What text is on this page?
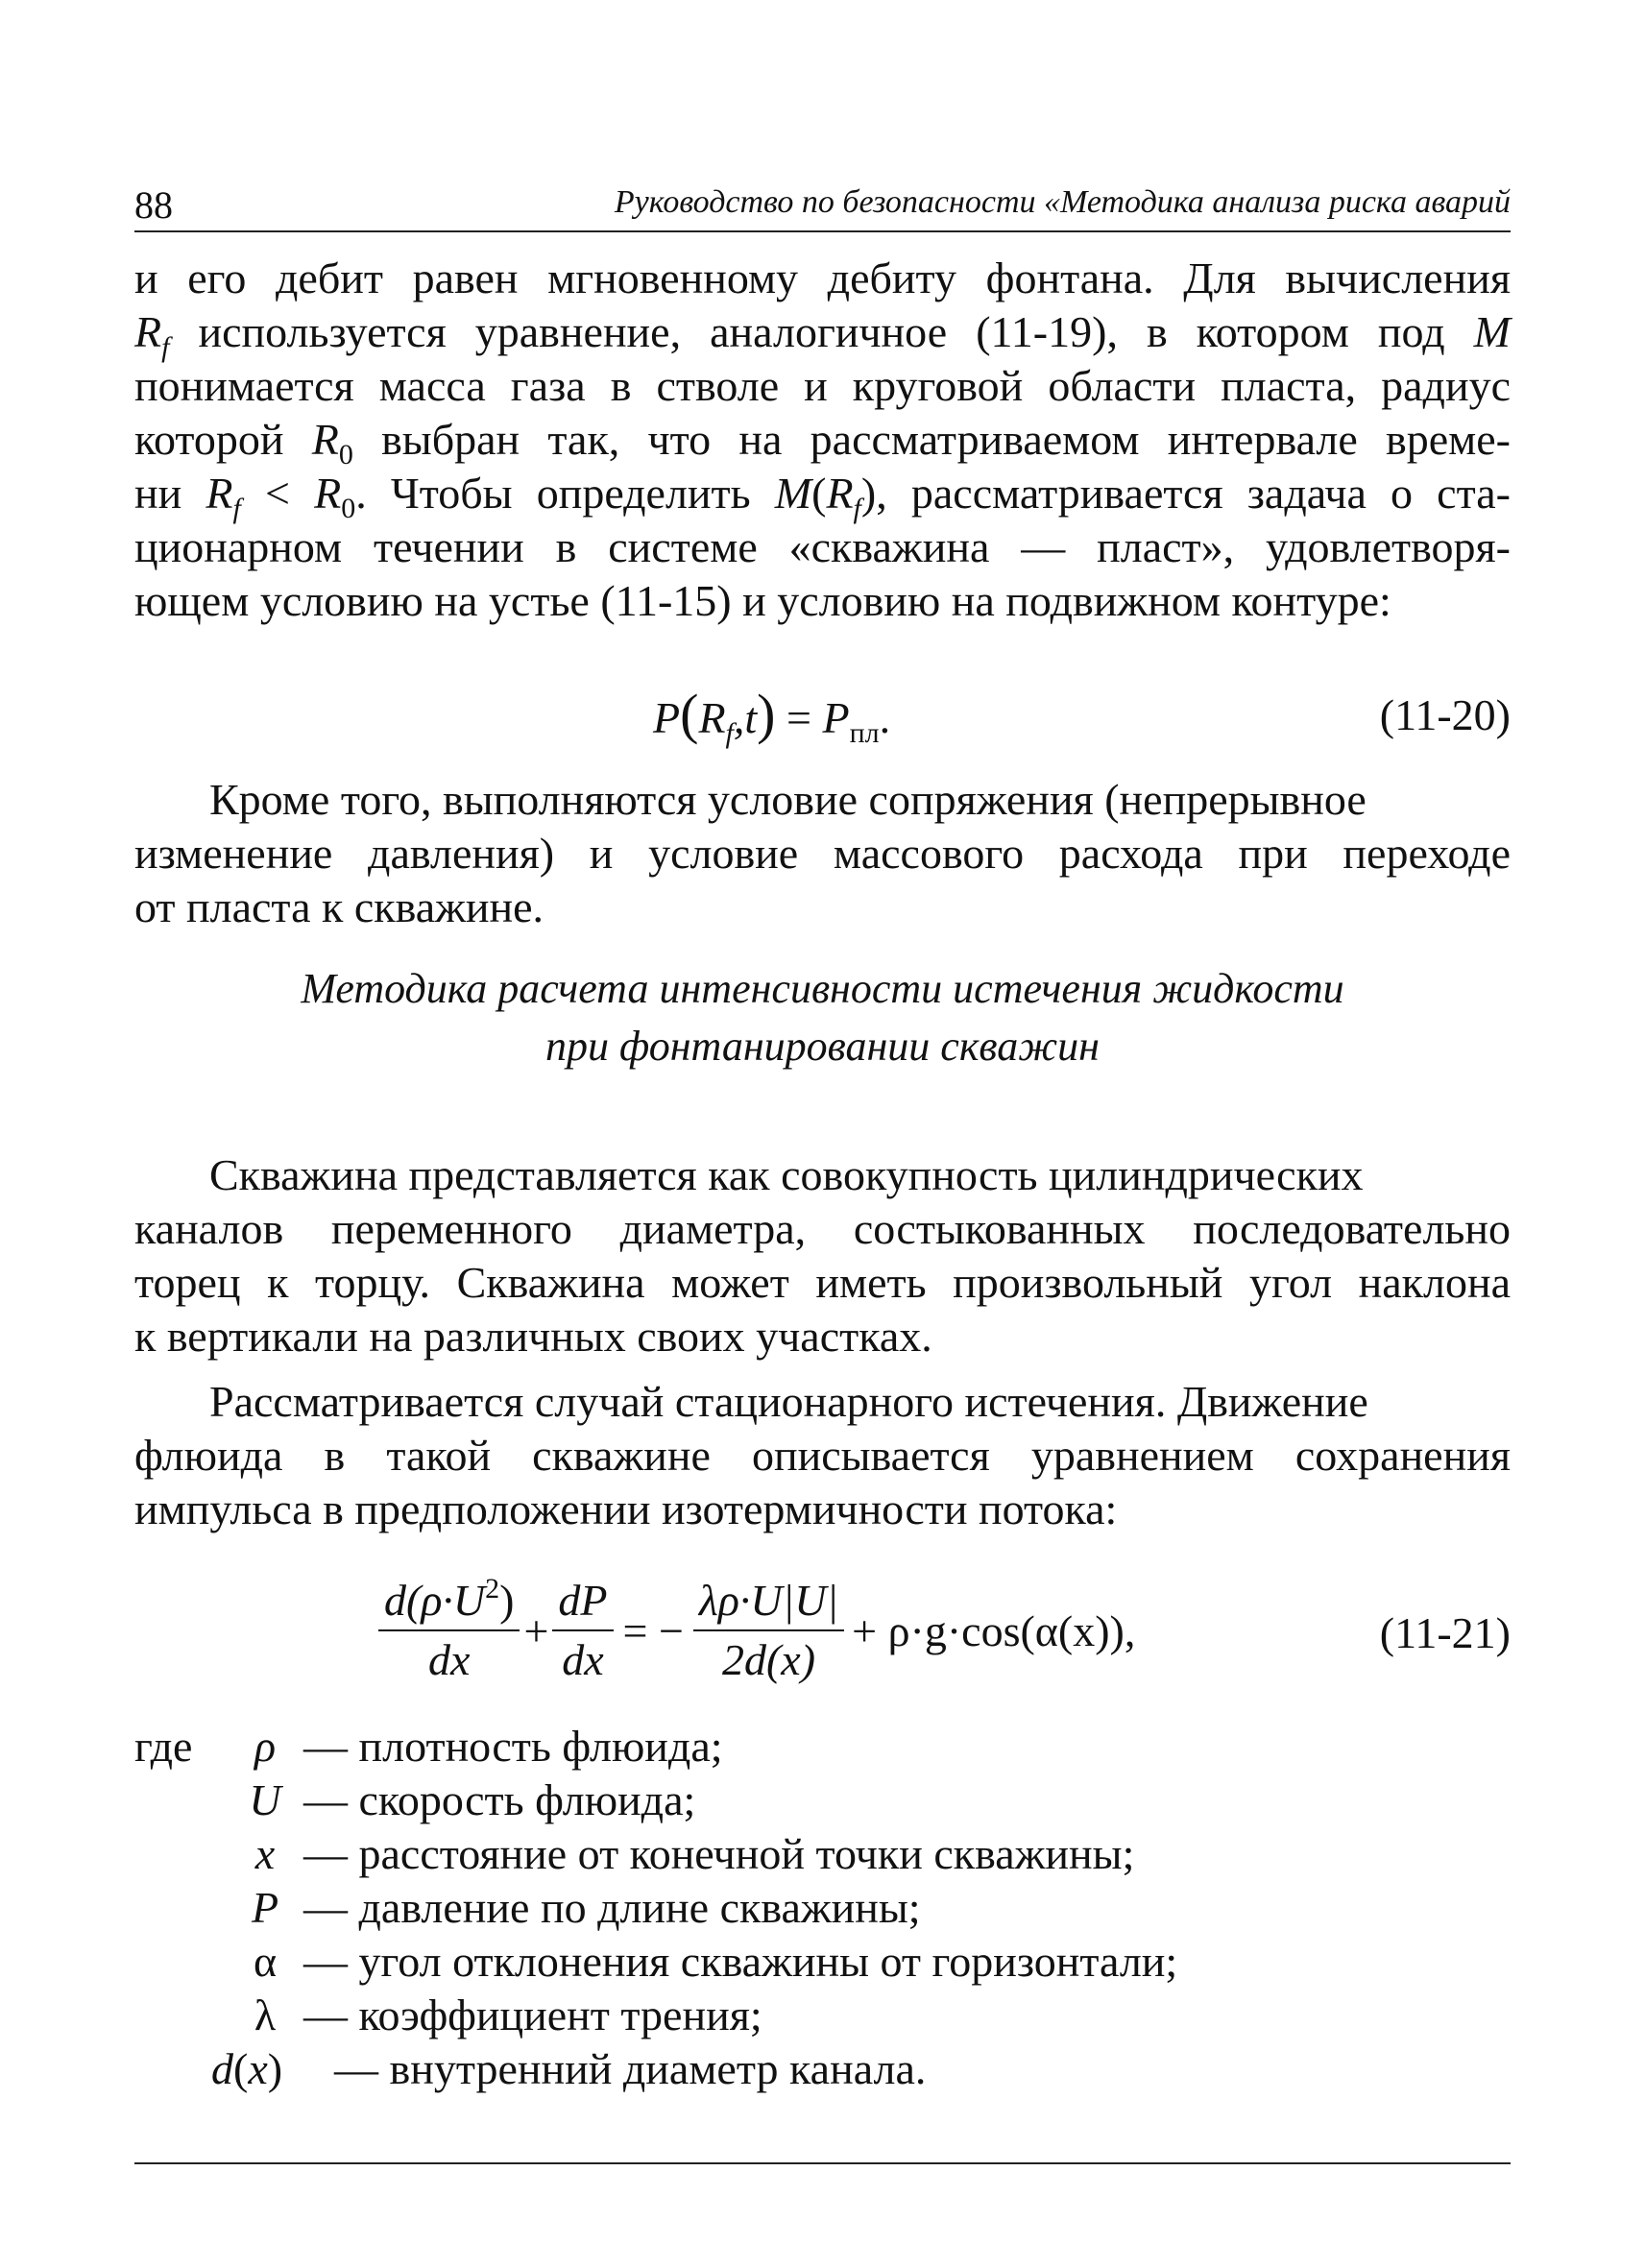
88	Руководство по безопасности «Методика анализа риска аварий

и его дебит равен мгновенному дебиту фонтана. Для вычисления
$R_f$ используется уравнение, аналогичное (11-19), в котором под M
понимается масса газа в стволе и круговой области пласта, радиус
которой $R_0$ выбран так, что на рассматриваемом интервале време-
ни $R_f < R_0$. Чтобы определить $M(R_f)$, рассматривается задача о ста-
ционарном течении в системе «скважина — пласт», удовлетворя-
ющем условию на устье (11-15) и условию на подвижном контуре:

$P(R_f,t) = P_{пл}$.	(11-20)

Кроме того, выполняются условие сопряжения (непрерывное

изменение давления) и условие массового расхода при переходе
от пласта к скважине.

Методика расчета интенсивности истечения жидкости
при фонтанировании скважин

Скважина представляется как совокупность цилиндрических

каналов переменного диаметра, состыкованных последовательно
торец к торцу. Скважина может иметь произвольный угол наклона
к вертикали на различных своих участках.

Рассматривается случай стационарного истечения. Движение

флюида в такой скважине описывается уравнением сохранения
импульса в предположении изотермичности потока:

$\frac{d(\rho\cdot U^2)}{dx} + \frac{dP}{dx}$ = − $\frac{\lambda\rho\cdot U|U|}{2d(x)} + \rho\cdot g\cdot\cos(\alpha(x))$,	(11-21)
где	ρ — плотность флюида;
U — скорость флюида;
x — расстояние от конечной точки скважины;
P — давление по длине скважины;
α — угол отклонения скважины от горизонтали;
λ — коэффициент трения;
d(x) — внутренний диаметр канала.
